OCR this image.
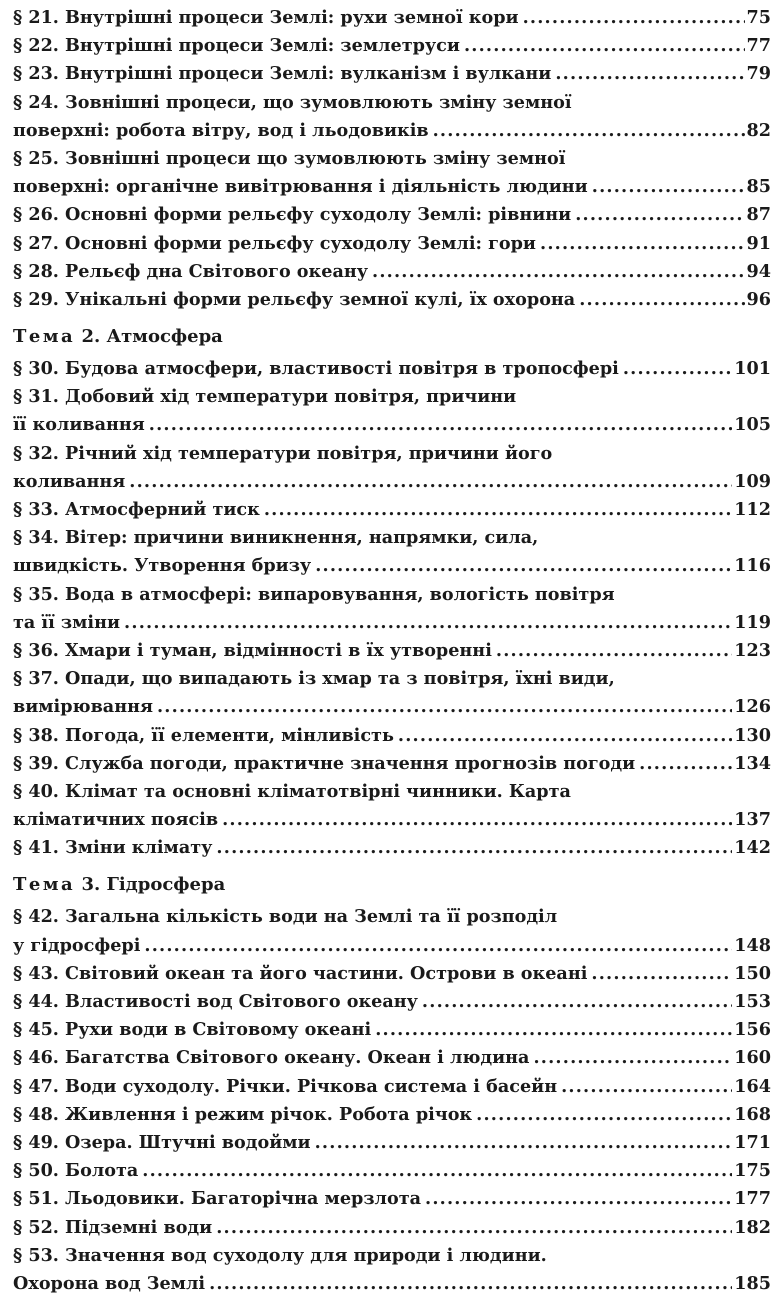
§ 21. Внутрішні процеси Землі: рухи земної кори .....	75
§ 22. Внутрішні процеси Землі: землетруси .....	77
§ 23. Внутрішні процеси Землі: вулканізм і вулкани .....	79
§ 24. Зовнішні процеси, що зумовлюють зміну земної
поверхні: робота вітру, вод і льодовиків .....	82
§ 25. Зовнішні процеси що зумовлюють зміну земної
поверхні: органічне вивітрювання і діяльність людини .....	85
§ 26. Основні форми рельєфу суходолу Землі: рівнини .....	87
§ 27. Основні форми рельєфу суходолу Землі: гори .....	91
§ 28. Рельєф дна Світового океану .....	94
§ 29. Унікальні форми рельєфу земної кулі, їх охорона .....	96
Тема 2. Атмосфера
§ 30. Будова атмосфери, властивості повітря в тропосфері .....	101
§ 31. Добовий хід температури повітря, причини
її коливання .....	105
§ 32. Річний хід температури повітря, причини його
коливання .....	109
§ 33. Атмосферний тиск .....	112
§ 34. Вітер: причини виникнення, напрямки, сила,
швидкість. Утворення бризу .....	116
§ 35. Вода в атмосфері: випаровування, вологість повітря
та її зміни .....	119
§ 36. Хмари і туман, відмінності в їх утворенні .....	123
§ 37. Опади, що випадають із хмар та з повітря, їхні види,
вимірювання .....	126
§ 38. Погода, її елементи, мінливість .....	130
§ 39. Служба погоди, практичне значення прогнозів погоди .....	134
§ 40. Клімат та основні кліматотвірні чинники. Карта
кліматичних поясів .....	137
§ 41. Зміни клімату .....	142
Тема 3. Гідросфера
§ 42. Загальна кількість води на Землі та її розподіл
у гідросфері .....	148
§ 43. Світовий океан та його частини. Острови в океані .....	150
§ 44. Властивості вод Світового океану .....	153
§ 45. Рухи води в Світовому океані .....	156
§ 46. Багатства Світового океану. Океан і людина .....	160
§ 47. Води суходолу. Річки. Річкова система і басейн .....	164
§ 48. Живлення і режим річок. Робота річок .....	168
§ 49. Озера. Штучні водойми .....	171
§ 50. Болота .....	175
§ 51. Льодовики. Багаторічна мерзлота .....	177
§ 52. Підземні води .....	182
§ 53. Значення вод суходолу для природи і людини.
Охорона вод Землі .....	185
